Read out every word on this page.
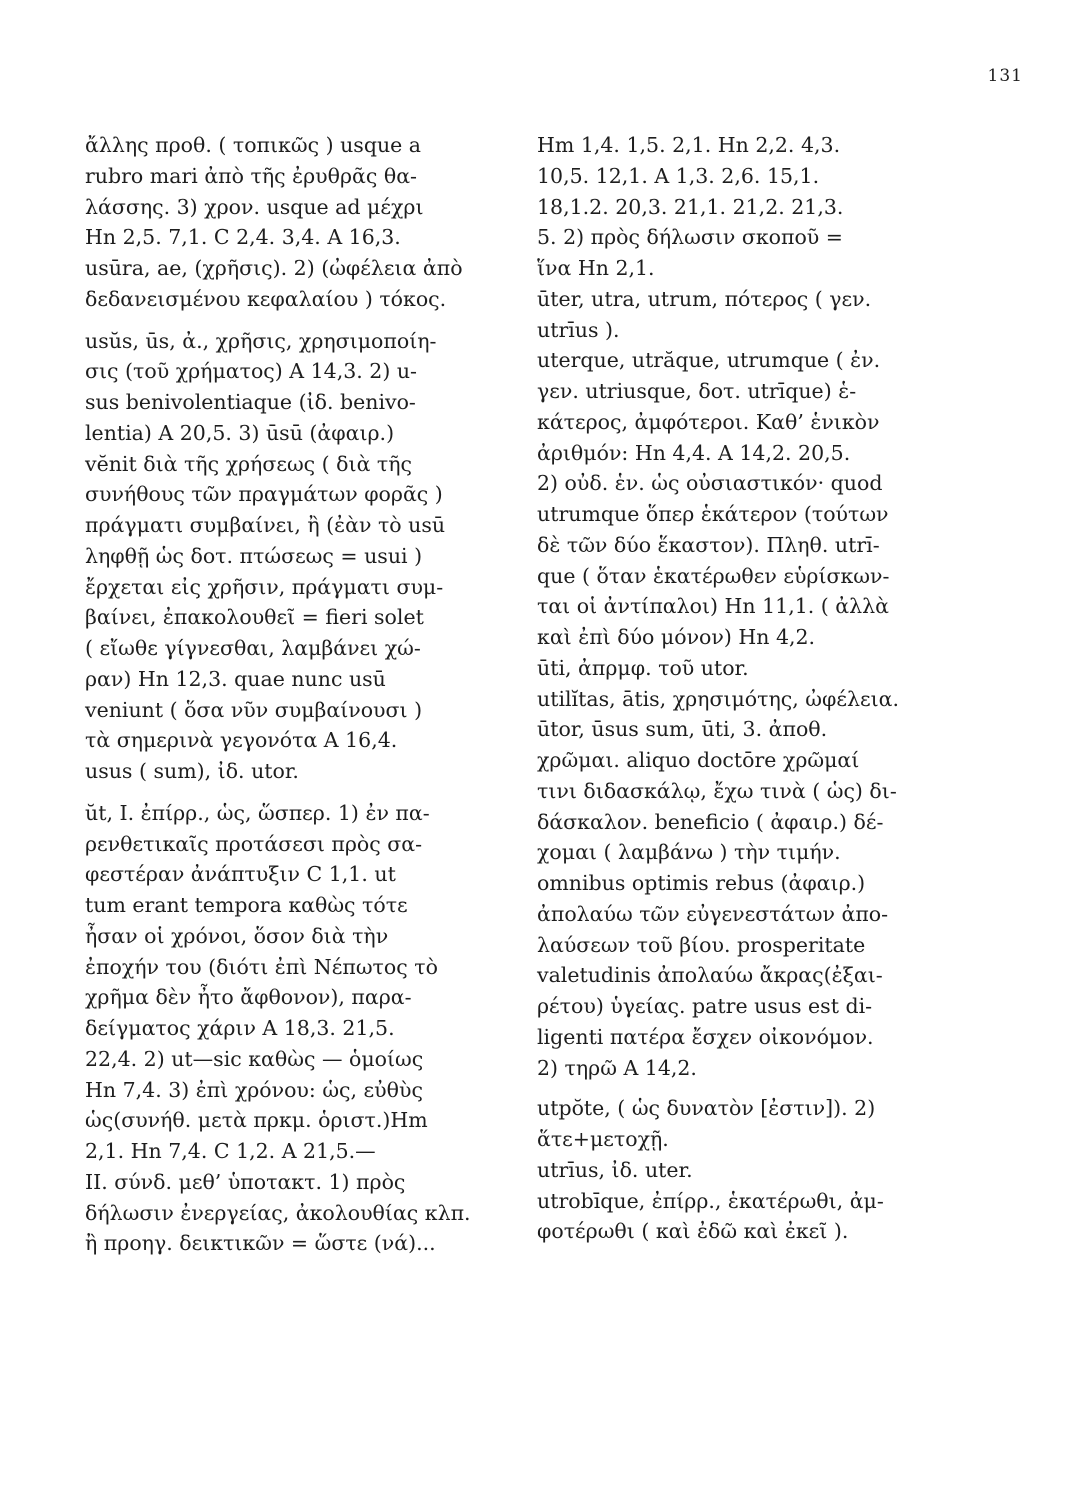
131
ἄλλης προθ. ( τοπικῶς ) usque a
rubro mari ἀπὸ τῆς ἐρυθρᾶς θα-
λάσσης. 3) χρον. usque ad μέχρι
Hn 2,5. 7,1. C 2,4. 3,4. A 16,3.
usūra, ae, (χρῆσις). 2) (ὠφέλεια ἀπὸ
δεδανεισμένου κεφαλαίου ) τόκος.
usŭs, ūs, ἀ., χρῆσις, χρησιμοποίη-
σις (τοῦ χρήματος) A 14,3. 2) u-
sus benivolentiaque (ἰδ. benivo-
lentia) A 20,5. 3) ūsū (ἀφαιρ.)
vĕnit διὰ τῆς χρήσεως ( διὰ τῆς
συνήθους τῶν πραγμάτων φορᾶς )
πράγματι συμβαίνει, ἢ (ἐὰν τὸ usū
ληφθῇ ὡς δοτ. πτώσεως = usui )
ἔρχεται εἰς χρῆσιν, πράγματι συμ-
βαίνει, ἐπακολουθεῖ = fieri solet
( εἴωθε γίγνεσθαι, λαμβάνει χώ-
ραν) Hn 12,3. quae nunc usū
veniunt ( ὅσα νῦν συμβαίνουσι )
τὰ σημερινὰ γεγονότα A 16,4.
usus ( sum), ἰδ. utor.
ŭt, I. ἐπίρρ., ὡς, ὥσπερ. 1) ἐν πα-
ρενθετικαῖς προτάσεσι πρὸς σα-
φεστέραν ἀνάπτυξιν C 1,1. ut
tum erant tempora καθὼς τότε
ἦσαν οἱ χρόνοι, ὅσον διὰ τὴν
ἐποχήν του (διότι ἐπὶ Νέπωτος τὸ
χρῆμα δὲν ἦτο ἄφθονον), παρα-
δείγματος χάριν A 18,3. 21,5.
22,4. 2) ut—sic καθὼς — ὁμοίως
Hn 7,4. 3) ἐπὶ χρόνου: ὡς, εὐθὺς
ὡς(συνήθ. μετὰ πρκμ. ὁριστ.)Hm
2,1. Hn 7,4. C 1,2. A 21,5.—
II. σύνδ. μεθ’ ὑποτακτ. 1) πρὸς
δήλωσιν ἐνεργείας, ἀκολουθίας κλπ.
ἢ προηγ. δεικτικῶν = ὥστε (νά)...
Hm 1,4. 1,5. 2,1. Hn 2,2. 4,3.
10,5. 12,1. A 1,3. 2,6. 15,1.
18,1.2. 20,3. 21,1. 21,2. 21,3.
5. 2) πρὸς δήλωσιν σκοποῦ =
ἵνα Hn 2,1.
ūter, utra, utrum, πότερος ( γεν.
utrīus ).
uterque, utrăque, utrumque ( ἐν.
γεν. utriusque, δοτ. utrīque) ἑ-
κάτερος, ἀμφότεροι. Καθ’ ἑνικὸν
ἀριθμόν: Hn 4,4. A 14,2. 20,5.
2) οὐδ. ἑν. ὡς οὐσιαστικόν· quod
utrumque ὅπερ ἑκάτερον (τούτων
δὲ τῶν δύο ἕκαστον). Πληθ. utrī-
que ( ὅταν ἑκατέρωθεν εὑρίσκων-
ται οἱ ἀντίπαλοι) Hn 11,1. ( ἀλλὰ
καὶ ἐπὶ δύο μόνον) Hn 4,2.
ūti, ἀπρμφ. τοῦ utor.
utilĭtas, ātis, χρησιμότης, ὠφέλεια.
ūtor, ūsus sum, ūti, 3. ἀποθ.
χρῶμαι. aliquo doctōre χρῶμαί
τινι διδασκάλῳ, ἔχω τινὰ ( ὡς) δι-
δάσκαλον. beneficio ( ἀφαιρ.) δέ-
χομαι ( λαμβάνω ) τὴν τιμήν.
omnibus optimis rebus (ἀφαιρ.)
ἀπολαύω τῶν εὐγενεστάτων ἀπο-
λαύσεων τοῦ βίου. prosperitate
valetudinis ἀπολαύω ἄκρας(ἐξαι-
ρέτου) ὑγείας. patre usus est di-
ligenti πατέρα ἔσχεν οἰκονόμον.
2) τηρῶ A 14,2.
utpŏte, ( ὡς δυνατὸν [ἐστιν]). 2)
ἅτε+μετοχῇ.
utrīus, ἰδ. uter.
utrobīque, ἐπίρρ., ἑκατέρωθι, ἀμ-
φοτέρωθι ( καὶ ἐδῶ καὶ ἐκεῖ ).
